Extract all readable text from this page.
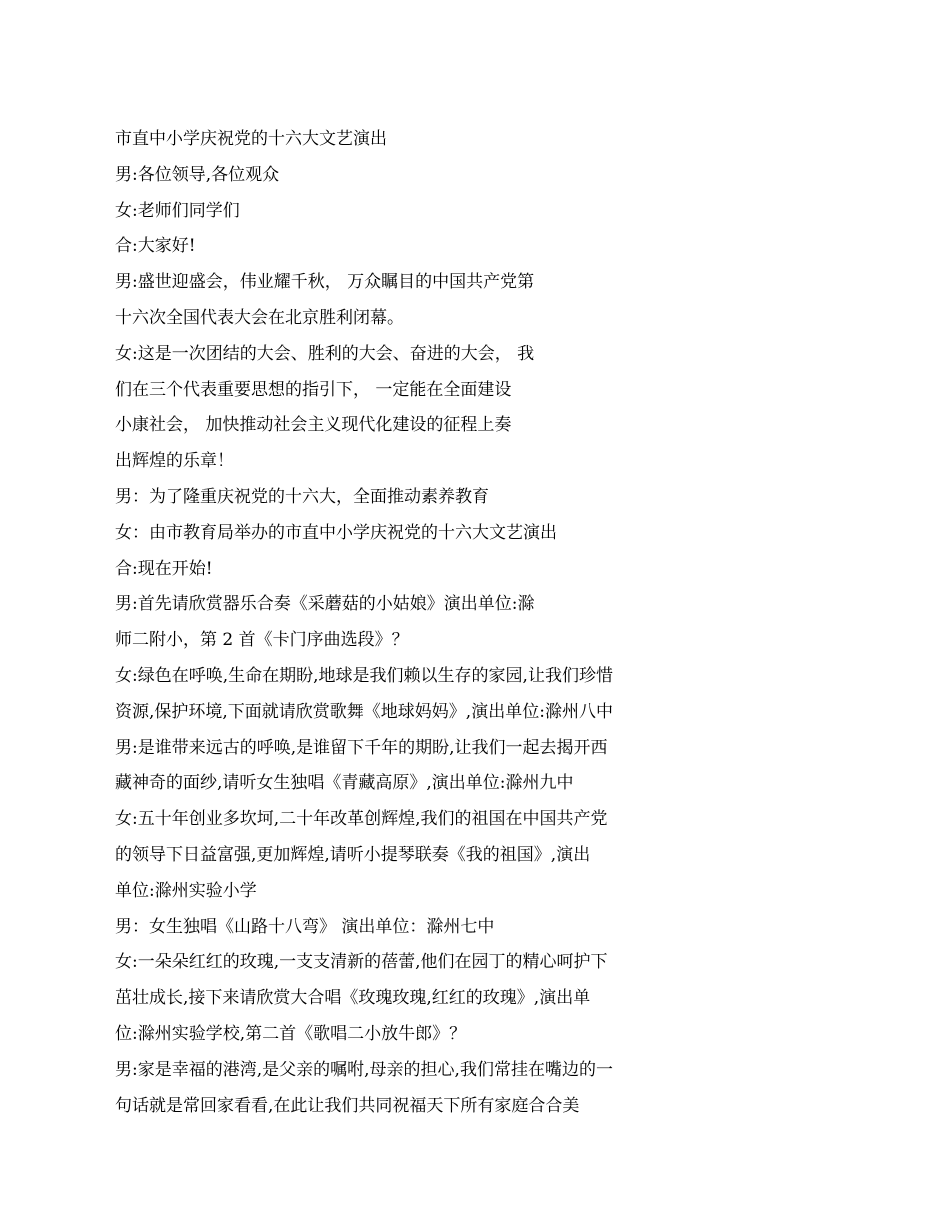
市直中小学庆祝党的十六大文艺演出
男:各位领导,各位观众
女:老师们同学们
合:大家好!
男:盛世迎盛会，伟业耀千秋， 万众瞩目的中国共产党第
十六次全国代表大会在北京胜利闭幕。
女:这是一次团结的大会、胜利的大会、奋进的大会， 我
们在三个代表重要思想的指引下， 一定能在全面建设
小康社会， 加快推动社会主义现代化建设的征程上奏
出辉煌的乐章！
男：为了隆重庆祝党的十六大，全面推动素养教育
女：由市教育局举办的市直中小学庆祝党的十六大文艺演出
合:现在开始!
男:首先请欣赏器乐合奏《采蘑菇的小姑娘》演出单位:滁
师二附小，第 2 首《卡门序曲选段》？
女:绿色在呼唤,生命在期盼,地球是我们赖以生存的家园,让我们珍惜
资源,保护环境,下面就请欣赏歌舞《地球妈妈》,演出单位:滁州八中
男:是谁带来远古的呼唤,是谁留下千年的期盼,让我们一起去揭开西
藏神奇的面纱,请听女生独唱《青藏高原》,演出单位:滁州九中
女:五十年创业多坎坷,二十年改革创辉煌,我们的祖国在中国共产党
的领导下日益富强,更加辉煌,请听小提琴联奏《我的祖国》,演出
单位:滁州实验小学
男：女生独唱《山路十八弯》 演出单位：滁州七中
女:一朵朵红红的玫瑰,一支支清新的蓓蕾,他们在园丁的精心呵护下
茁壮成长,接下来请欣赏大合唱《玫瑰玫瑰,红红的玫瑰》,演出单
位:滁州实验学校,第二首《歌唱二小放牛郎》？
男:家是幸福的港湾,是父亲的嘱咐,母亲的担心,我们常挂在嘴边的一
句话就是常回家看看,在此让我们共同祝福天下所有家庭合合美
